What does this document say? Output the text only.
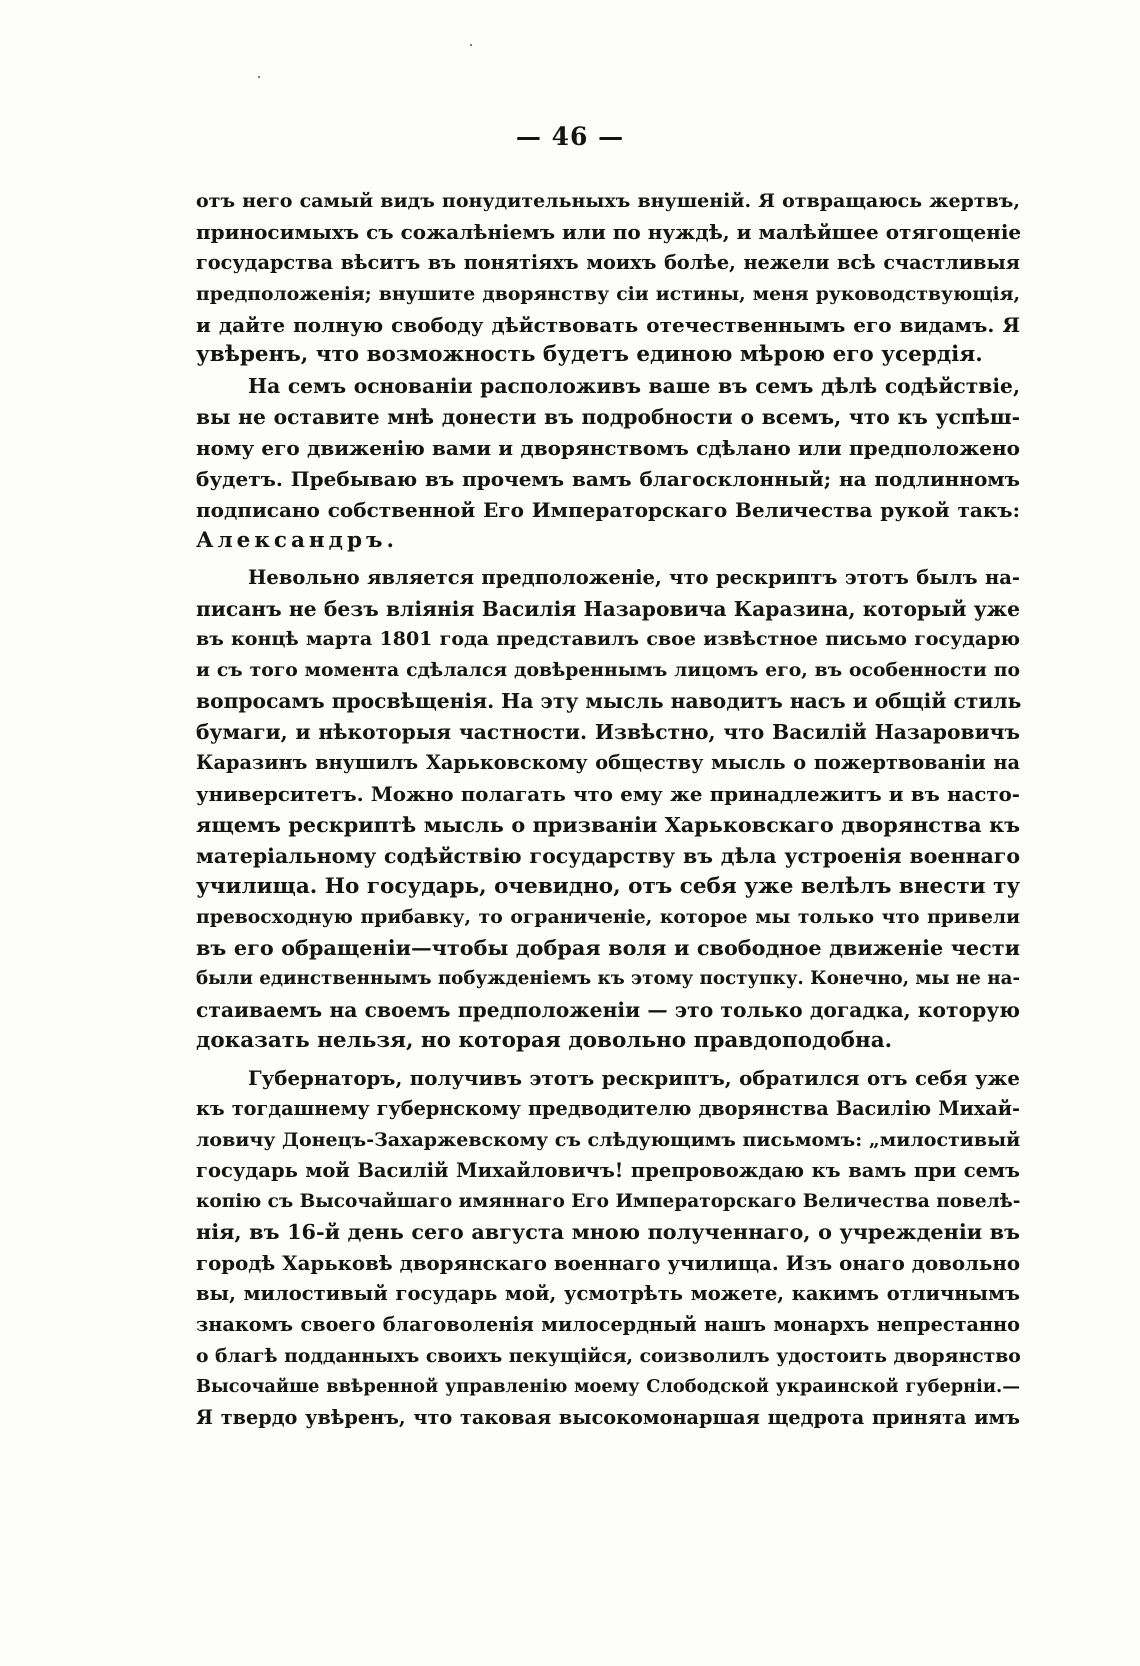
— 46 —
отъ него самый видъ понудительныхъ внушеній. Я отвращаюсь жертвъ,
приносимыхъ съ сожалѣніемъ или по нуждѣ, и малѣйшее отягощеніе
государства вѣситъ въ понятіяхъ моихъ болѣе, нежели всѣ счастливыя
предположенія; внушите дворянству сіи истины, меня руководствующія,
и дайте полную свободу дѣйствовать отечественнымъ его видамъ. Я
увѣренъ, что возможность будетъ единою мѣрою его усердія.
На семъ основаніи расположивъ ваше въ семъ дѣлѣ содѣйствіе,
вы не оставите мнѣ донести въ подробности о всемъ, что къ успѣш-
ному его движенію вами и дворянствомъ сдѣлано или предположено
будетъ. Пребываю въ прочемъ вамъ благосклонный; на подлинномъ
подписано собственной Его Императорскаго Величества рукой такъ:
Александръ.
Невольно является предположеніе, что рескриптъ этотъ былъ на-
писанъ не безъ вліянія Василія Назаровича Каразина, который уже
въ концѣ марта 1801 года представилъ свое извѣстное письмо государю
и съ того момента сдѣлался довѣреннымъ лицомъ его, въ особенности по
вопросамъ просвѣщенія. На эту мысль наводитъ насъ и общій стиль
бумаги, и нѣкоторыя частности. Извѣстно, что Василій Назаровичъ
Каразинъ внушилъ Харьковскому обществу мысль о пожертвованіи на
университетъ. Можно полагать что ему же принадлежитъ и въ насто-
ящемъ рескриптѣ мысль о призваніи Харьковскаго дворянства къ
матеріальному содѣйствію государству въ дѣла устроенія военнаго
училища. Но государь, очевидно, отъ себя уже велѣлъ внести ту
превосходную прибавку, то ограниченіе, которое мы только что привели
въ его обращеніи—чтобы добрая воля и свободное движеніе чести
были единственнымъ побужденіемъ къ этому поступку. Конечно, мы не на-
стаиваемъ на своемъ предположеніи — это только догадка, которую
доказать нельзя, но которая довольно правдоподобна.
Губернаторъ, получивъ этотъ рескриптъ, обратился отъ себя уже
къ тогдашнему губернскому предводителю дворянства Василію Михай-
ловичу Донецъ-Захаржевскому съ слѣдующимъ письмомъ: „милостивый
государь мой Василій Михайловичъ! препровождаю къ вамъ при семъ
копію съ Высочайшаго имяннаго Его Императорскаго Величества повелѣ-
нія, въ 16-й день сего августа мною полученнаго, о учрежденіи въ
городѣ Харьковѣ дворянскаго военнаго училища. Изъ онаго довольно
вы, милостивый государь мой, усмотрѣть можете, какимъ отличнымъ
знакомъ своего благоволенія милосердный нашъ монархъ непрестанно
о благѣ подданныхъ своихъ пекущійся, соизволилъ удостоить дворянство
Высочайше ввѣренной управленію моему Слободской украинской губерніи.—
Я твердо увѣренъ, что таковая высокомонаршая щедрота принята имъ
